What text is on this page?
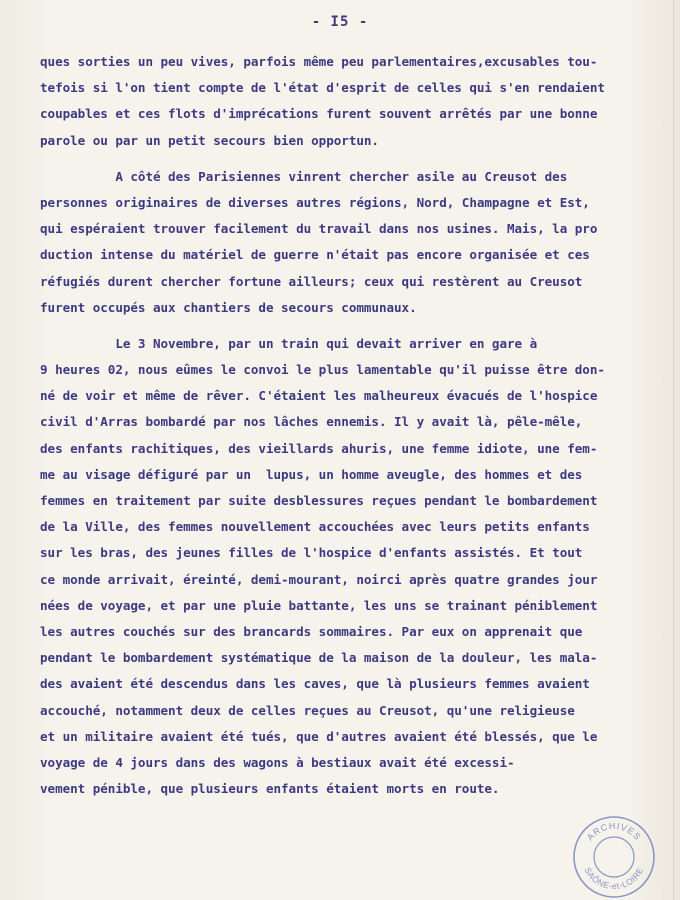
- I5 -
ques sorties un peu vives, parfois même peu parlementaires,excusables tou-
tefois si l'on tient compte de l'état d'esprit de celles qui s'en rendaient
coupables et ces flots d'imprécations furent souvent arrêtés par une bonne
parole ou par un petit secours bien opportun.
A côté des Parisiennes vinrent chercher asile au Creusot des
personnes originaires de diverses autres régions, Nord, Champagne et Est,
qui espéraient trouver facilement du travail dans nos usines. Mais, la pro
duction intense du matériel de guerre n'était pas encore organisée et ces
réfugiés durent chercher fortune ailleurs; ceux qui restèrent au Creusot
furent occupés aux chantiers de secours communaux.
Le 3 Novembre, par un train qui devait arriver en gare à
9 heures 02, nous eûmes le convoi le plus lamentable qu'il puisse être don-
né de voir et même de rêver. C'étaient les malheureux évacués de l'hospice
civil d'Arras bombardé par nos lâches ennemis. Il y avait là, pêle-mêle,
des enfants rachitiques, des vieillards ahuris, une femme idiote, une fem-
me au visage défiguré par un  lupus, un homme aveugle, des hommes et des
femmes en traitement par suite desblessures reçues pendant le bombardement
de la Ville, des femmes nouvellement accouchées avec leurs petits enfants
sur les bras, des jeunes filles de l'hospice d'enfants assistés. Et tout
ce monde arrivait, éreinté, demi-mourant, noirci après quatre grandes jour
nées de voyage, et par une pluie battante, les uns se trainant péniblement
les autres couchés sur des brancards sommaires. Par eux on apprenait que
pendant le bombardement systématique de la maison de la douleur, les mala-
des avaient été descendus dans les caves, que là plusieurs femmes avaient
accouché, notamment deux de celles reçues au Creusot, qu'une religieuse
et un militaire avaient été tués, que d'autres avaient été blessés, que le
voyage de 4 jours dans des wagons à bestiaux avait été excessi-
vement pénible, que plusieurs enfants étaient morts en route.
ARCHIVES
SAÔNE-et-LOIRE
